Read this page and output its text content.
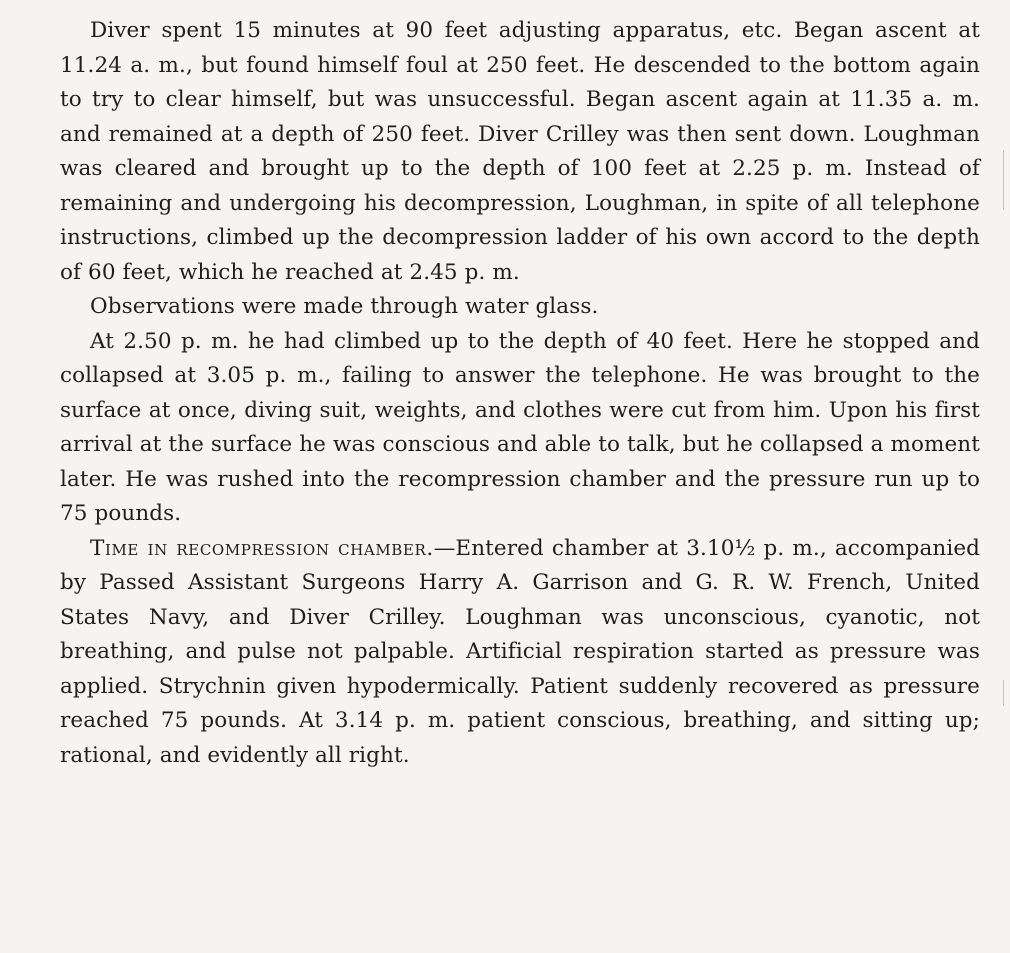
Diver spent 15 minutes at 90 feet adjusting apparatus, etc. Began ascent at 11.24 a. m., but found himself foul at 250 feet. He descended to the bottom again to try to clear himself, but was unsuccessful. Began ascent again at 11.35 a. m. and remained at a depth of 250 feet. Diver Crilley was then sent down. Loughman was cleared and brought up to the depth of 100 feet at 2.25 p. m. Instead of remaining and undergoing his decompression, Loughman, in spite of all telephone instructions, climbed up the decompression ladder of his own accord to the depth of 60 feet, which he reached at 2.45 p. m.

Observations were made through water glass.

At 2.50 p. m. he had climbed up to the depth of 40 feet. Here he stopped and collapsed at 3.05 p. m., failing to answer the telephone. He was brought to the surface at once, diving suit, weights, and clothes were cut from him. Upon his first arrival at the surface he was conscious and able to talk, but he collapsed a moment later. He was rushed into the recompression chamber and the pressure run up to 75 pounds.

Time in recompression chamber.—Entered chamber at 3.10½ p. m., accompanied by Passed Assistant Surgeons Harry A. Garrison and G. R. W. French, United States Navy, and Diver Crilley. Loughman was unconscious, cyanotic, not breathing, and pulse not palpable. Artificial respiration started as pressure was applied. Strychnin given hypodermically. Patient suddenly recovered as pressure reached 75 pounds. At 3.14 p. m. patient conscious, breathing, and sitting up; rational, and evidently all right.
